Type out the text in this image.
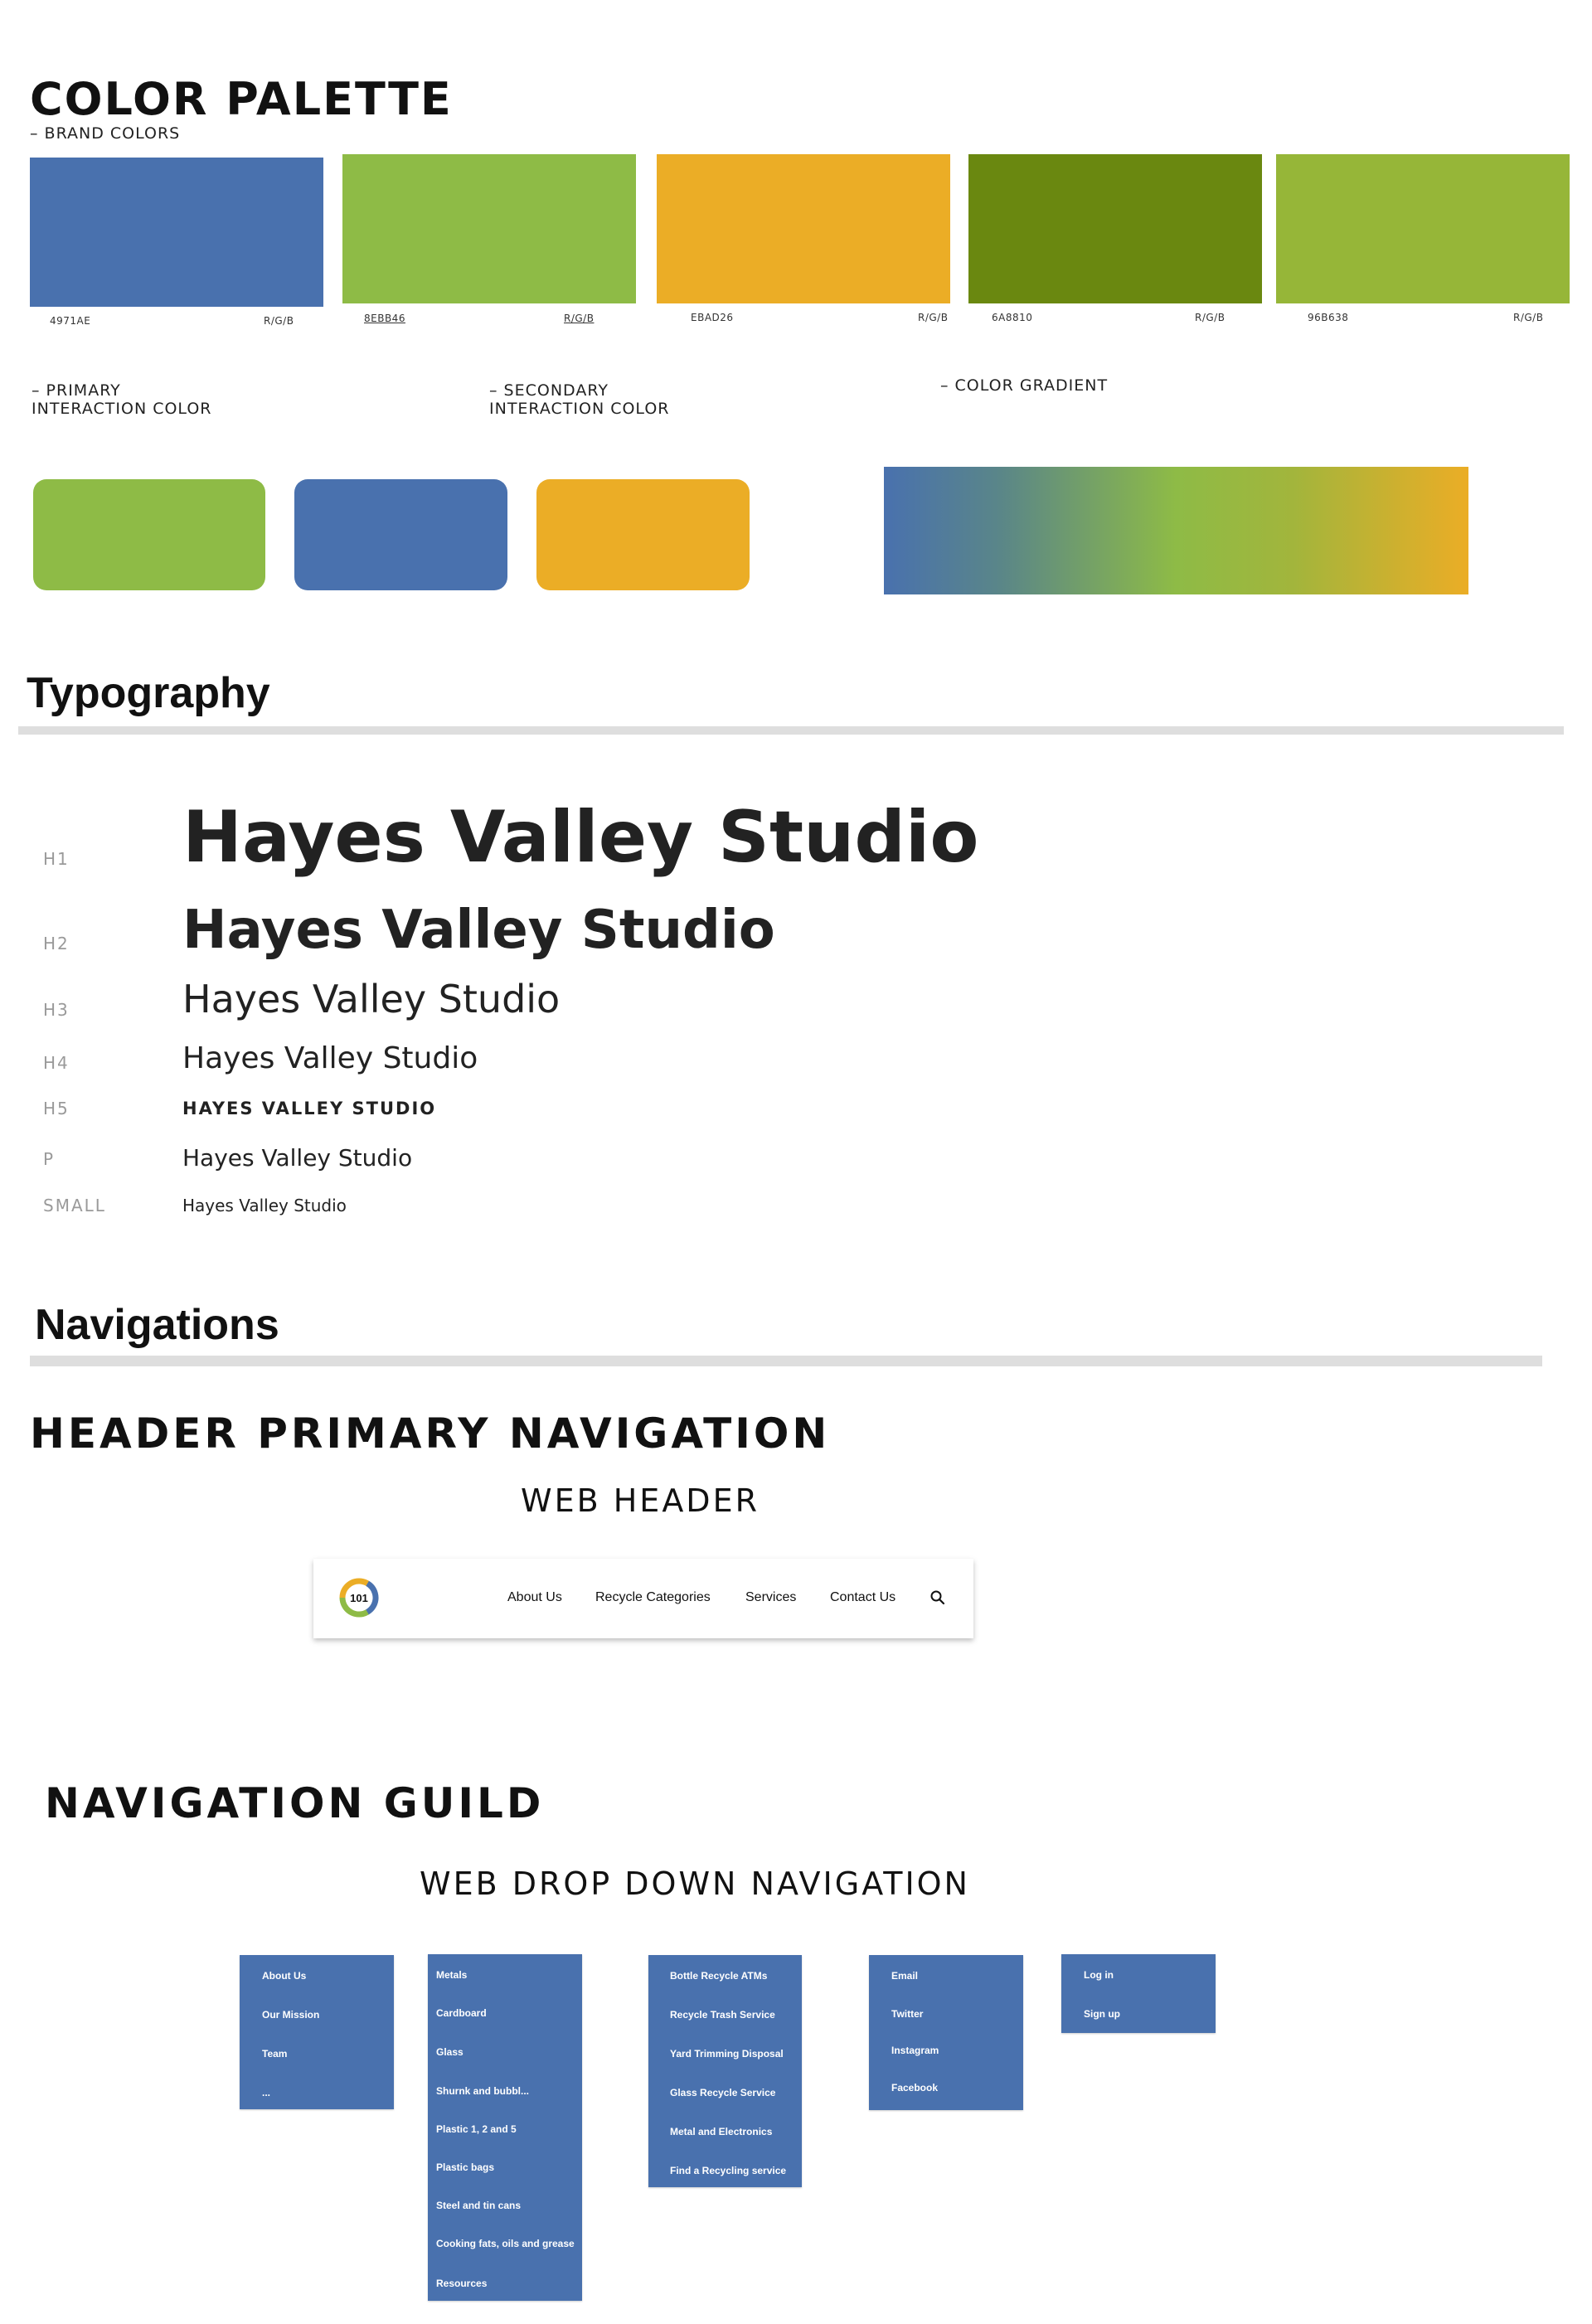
COLOR PALETTE
– BRAND COLORS
4971AE	R/G/B	8EBB46	R/G/B	EBAD26	R/G/B	6A8810	R/G/B	96B638	R/G/B
– PRIMARY
INTERACTION COLOR
– SECONDARY
INTERACTION COLOR
– COLOR GRADIENT
Typography
H1 Hayes Valley Studio
H2 Hayes Valley Studio
H3	Hayes Valley Studio
H4	Hayes Valley Studio
H5	HAYES VALLEY STUDIO
P	Hayes Valley Studio
SMALL	Hayes Valley Studio
Navigations
HEADER PRIMARY NAVIGATION
WEB HEADER
101	About Us	Recycle Categories	Services	Contact Us
NAVIGATION GUILD
WEB DROP DOWN NAVIGATION
About Us
Our Mission
Team
...
Metals
Cardboard
Glass
Shurnk and bubbl...
Plastic 1, 2 and 5
Plastic bags
Steel and tin cans
Cooking fats, oils and grease
Resources
Bottle Recycle ATMs
Recycle Trash Service
Yard Trimming Disposal
Glass Recycle Service
Metal and Electronics
Find a Recycling service
Email
Twitter
Instagram
Facebook
Log in
Sign up
